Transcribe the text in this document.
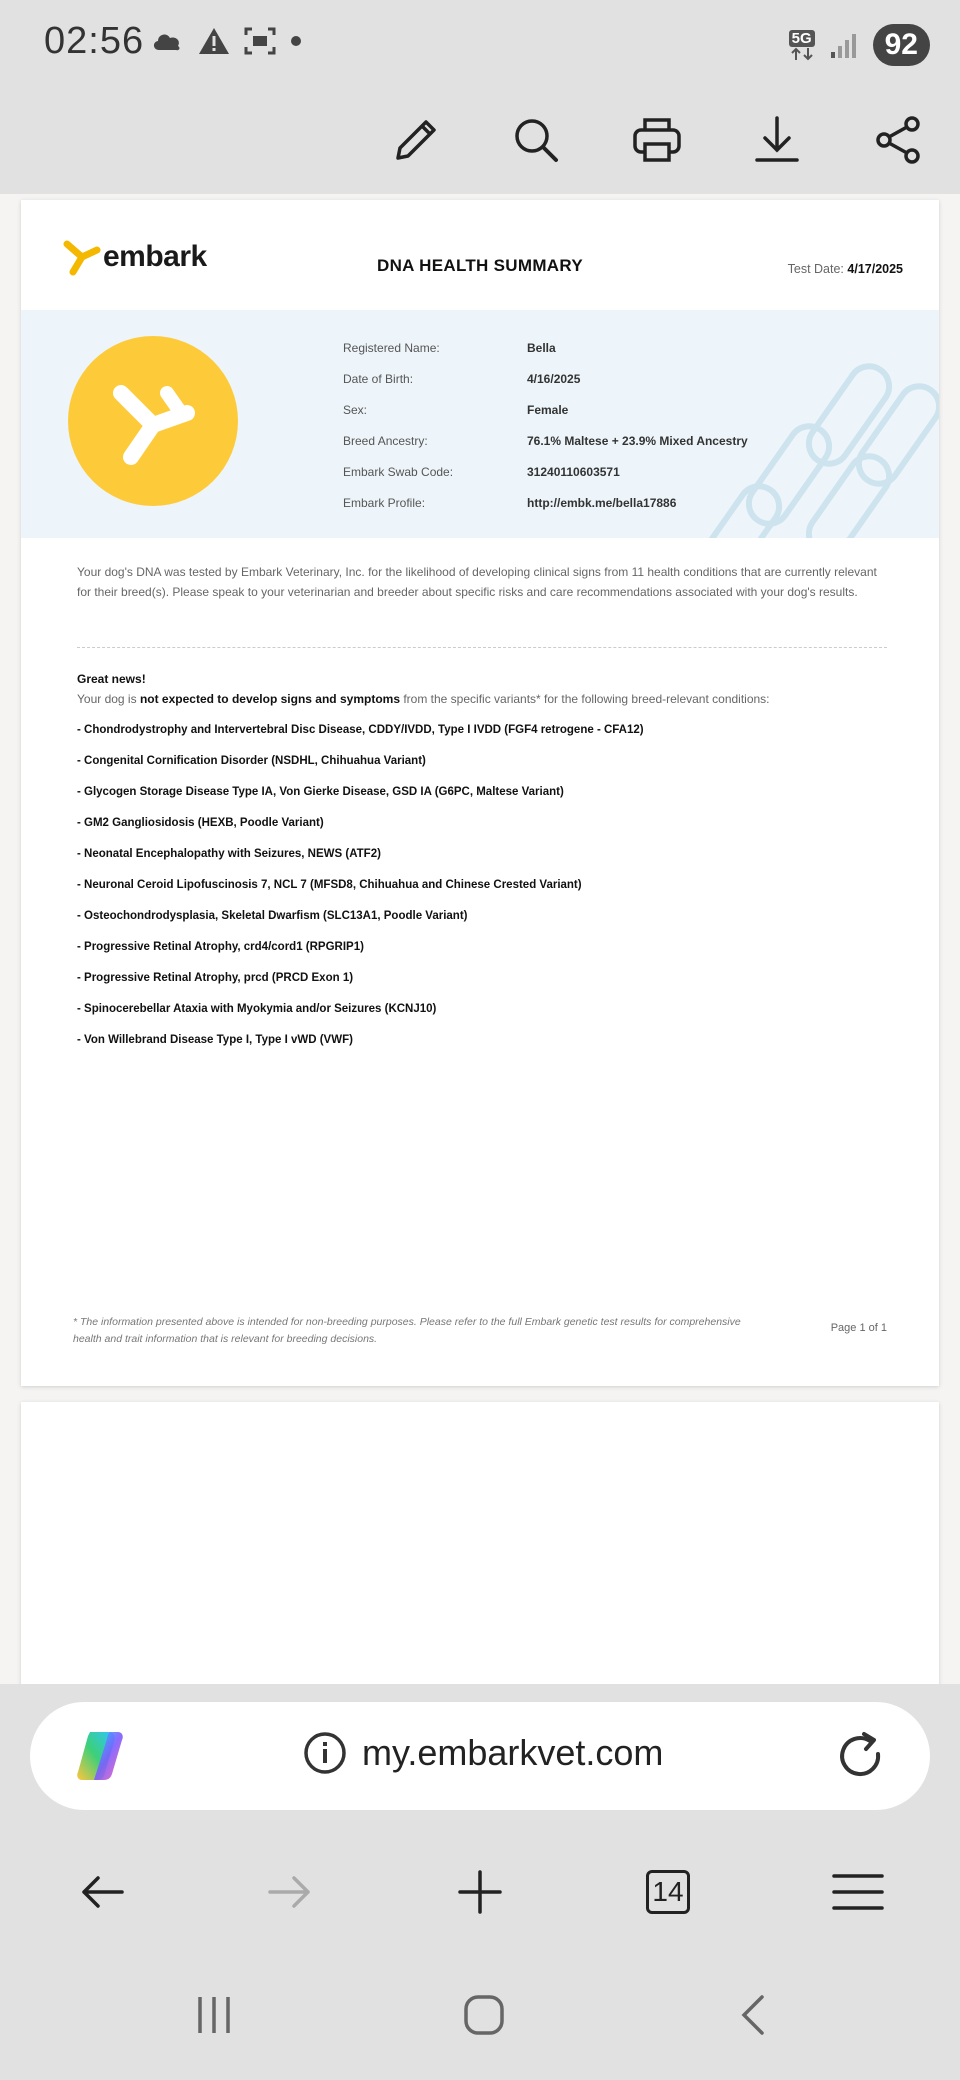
02:56	5G	92
embark	DNA HEALTH SUMMARY	Test Date: 4/17/2025
Registered Name:	Bella
Date of Birth:	4/16/2025
Sex:	Female
Breed Ancestry:	76.1% Maltese + 23.9% Mixed Ancestry
Embark Swab Code:	31240110603571
Embark Profile:	http://embk.me/bella17886

Your dog's DNA was tested by Embark Veterinary, Inc. for the likelihood of developing clinical signs from 11 health conditions that are currently relevant for their breed(s). Please speak to your veterinarian and breeder about specific risks and care recommendations associated with your dog's results.

Great news!
Your dog is not expected to develop signs and symptoms from the specific variants* for the following breed-relevant conditions:
- Chondrodystrophy and Intervertebral Disc Disease, CDDY/IVDD, Type I IVDD (FGF4 retrogene - CFA12)
- Congenital Cornification Disorder (NSDHL, Chihuahua Variant)
- Glycogen Storage Disease Type IA, Von Gierke Disease, GSD IA (G6PC, Maltese Variant)
- GM2 Gangliosidosis (HEXB, Poodle Variant)
- Neonatal Encephalopathy with Seizures, NEWS (ATF2)
- Neuronal Ceroid Lipofuscinosis 7, NCL 7 (MFSD8, Chihuahua and Chinese Crested Variant)
- Osteochondrodysplasia, Skeletal Dwarfism (SLC13A1, Poodle Variant)
- Progressive Retinal Atrophy, crd4/cord1 (RPGRIP1)
- Progressive Retinal Atrophy, prcd (PRCD Exon 1)
- Spinocerebellar Ataxia with Myokymia and/or Seizures (KCNJ10)
- Von Willebrand Disease Type I, Type I vWD (VWF)

* The information presented above is intended for non-breeding purposes. Please refer to the full Embark genetic test results for comprehensive health and trait information that is relevant for breeding decisions.

Page 1 of 1
my.embarkvet.com
14
